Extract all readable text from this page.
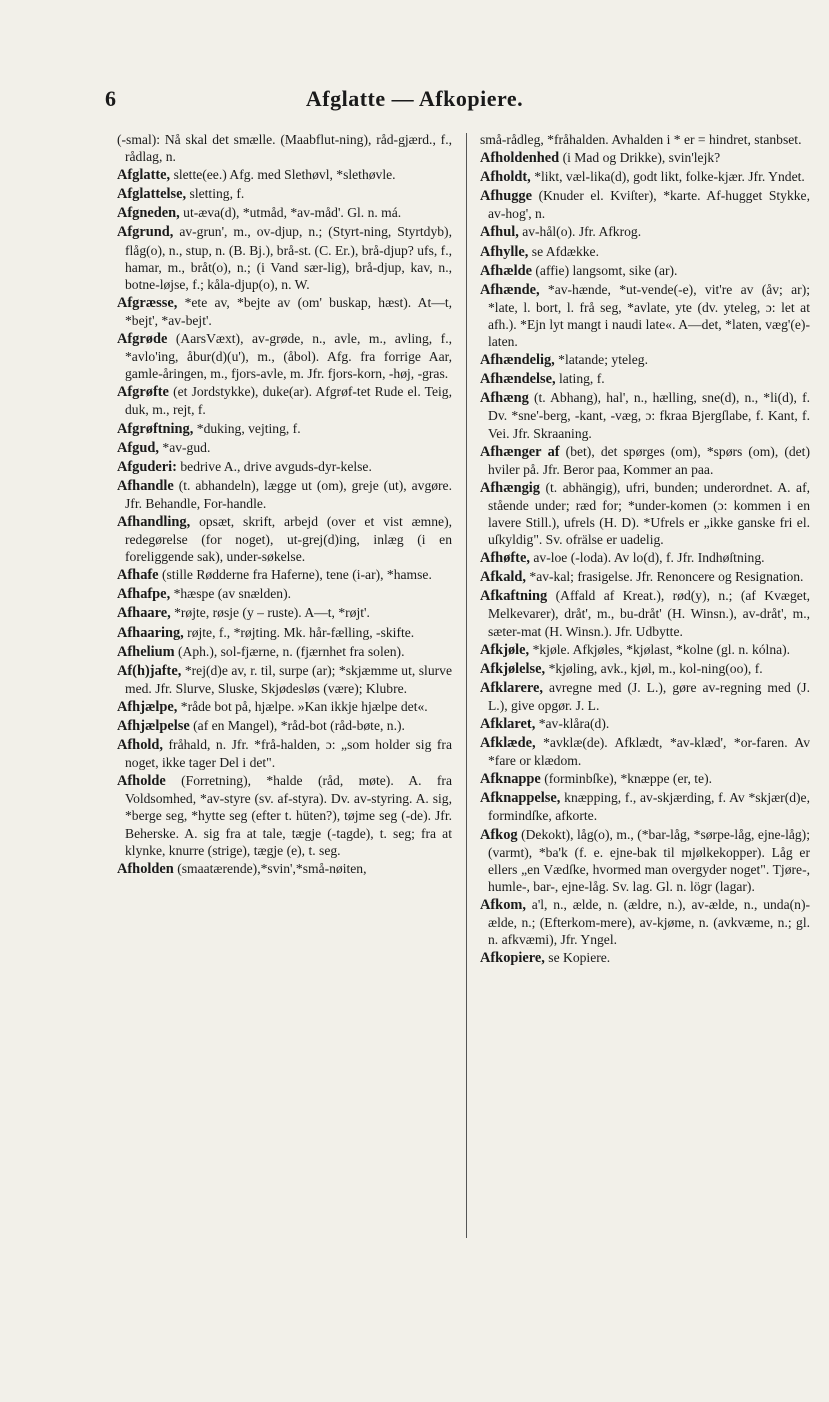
6	Afglatte — Afkopiere.

(-smal): Nå skal det smælle. (Maabflut-ning), råd-gjærd., f., rådlag, n.

Afglatte, slette(ee.) Afg. med Slethøvl, *slethøvle.

Afglattelse, sletting, f.

Afgneden, ut-æva(d), *utmåd, *av-måd'. Gl. n. má.

Afgrund, av-grun', m., ov-djup, n.; (Styrt-ning, Styrtdyb), flåg(o), n., stup, n. (B. Bj.), brå-st. (C. Er.), brå-djup? ufs, f., hamar, m., bråt(o), n.; (i Vand sær-lig), brå-djup, kav, n., botne-løjse, f.; kåla-djup(o), n. W.

Afgræsse, *ete av, *bejte av (om' buskap, hæst). At—t, *bejt', *av-bejt'.

Afgrøde (AarsVæxt), av-grøde, n., avle, m., avling, f., *avlo'ing, åbur(d)(u'), m., (åbol). Afg. fra forrige Aar, gamle-åringen, m., fjors-avle, m. Jfr. fjors-korn, -høj, -gras.

Afgrøfte (et Jordstykke), duke(ar). Afgrøf-tet Rude el. Teig, duk, m., rejt, f.

Afgrøftning, *duking, vejting, f.

Afgud, *av-gud.

Afguderi: bedrive A., drive avguds-dyr-kelse.

Afhandle (t. abhandeln), lægge ut (om), greje (ut), avgøre. Jfr. Behandle, For-handle.

Afhandling, opsæt, skrift, arbejd (over et vist æmne), redegørelse (for noget), ut-grej(d)ing, inlæg (i en foreliggende sak), under-søkelse.

Afhafe (stille Rødderne fra Haferne), tene (i-ar), *hamse.

Afhafpe, *hæspe (av snælden).

Afhaare, *røjte, røsje (y – ruste). A—t, *røjt'.

Afhaaring, røjte, f., *røjting. Mk. hår-fælling, -skifte.

Afhelium (Aph.), sol-fjærne, n. (fjærnhet fra solen).

Af(h)jafte, *rej(d)e av, r. til, surpe (ar); *skjæmme ut, slurve med. Jfr. Slurve, Sluske, Skjødesløs (være); Klubre.

Afhjælpe, *råde bot på, hjælpe. »Kan ikkje hjælpe det«.

Afhjælpelse (af en Mangel), *råd-bot (råd-bøte, n.).

Afhold, fråhald, n. Jfr. *frå-halden, ɔ: „som holder sig fra noget, ikke tager Del i det".

Afholde (Forretning), *halde (råd, møte). A. fra Voldsomhed, *av-styre (sv. af-styra). Dv. av-styring. A. sig, *berge seg, *hytte seg (efter t. hüten?), tøjme seg (-de). Jfr. Beherske. A. sig fra at tale, tægje (-tagde), t. seg; fra at klynke, knurre (strige), tægje (e), t. seg.

Afholden (smaatærende),*svin',*små-nøiten,

små-rådleg, *fråhalden. Avhalden i * er = hindret, stanbset.

Afholdenhed (i Mad og Drikke), svin'lejk?

Afholdt, *likt, væl-lika(d), godt likt, folke-kjær. Jfr. Yndet.

Afhugge (Knuder el. Kviſter), *karte. Af-hugget Stykke, av-hog', n.

Afhul, av-hål(o). Jfr. Afkrog.

Afhylle, se Afdække.

Afhælde (affie) langsomt, sike (ar).

Afhænde, *av-hænde, *ut-vende(-e), vit're av (åv; ar); *late, l. bort, l. frå seg, *avlate, yte (dv. yteleg, ɔ: let at afh.). *Ejn lyt mangt i naudi late«. A—det, *laten, væg'(e)-laten.

Afhændelig, *latande; yteleg.

Afhændelse, lating, f.

Afhæng (t. Abhang), hal', n., hælling, sne(d), n., *li(d), f. Dv. *sne'-berg, -kant, -væg, ɔ: fkraa Bjergſlabe, f. Kant, f. Vei. Jfr. Skraaning.

Afhænger af (bet), det spørges (om), *spørs (om), (det) hviler på. Jfr. Beror paa, Kommer an paa.

Afhængig (t. abhängig), ufri, bunden; underordnet. A. af, stående under; ræd for; *under-komen (ɔ: kommen i en lavere Still.), ufrels (H. D). *Ufrels er „ikke ganske fri el. uſkyldig". Sv. ofrälse er uadelig.

Afhøfte, av-loe (-loda). Av lo(d), f. Jfr. Indhøſtning.

Afkald, *av-kal; frasigelse. Jfr. Renoncere og Resignation.

Afkaftning (Affald af Kreat.), rød(y), n.; (af Kvæget, Melkevarer), dråt', m., bu-dråt' (H. Winsn.), av-dråt', m., sæter-mat (H. Winsn.). Jfr. Udbytte.

Afkjøle, *kjøle. Afkjøles, *kjølast, *kolne (gl. n. kólna).

Afkjølelse, *kjøling, avk., kjøl, m., kol-ning(oo), f.

Afklarere, avregne med (J. L.), gøre av-regning med (J. L.), give opgør. J. L.

Afklaret, *av-klåra(d).

Afklæde, *avklæ(de). Afklædt, *av-klæd', *or-faren. Av *fare or klædom.

Afknappe (forminbſke), *knæppe (er, te).

Afknappelse, knæpping, f., av-skjærding, f. Av *skjær(d)e, formindſke, afkorte.

Afkog (Dekokt), låg(o), m., (*bar-låg, *sørpe-låg, ejne-låg); (varmt), *ba'k (f. e. ejne-bak til mjølkekopper). Låg er ellers „en Vædſke, hvormed man overgyder noget". Tjøre-, humle-, bar-, ejne-låg. Sv. lag. Gl. n. lögr (lagar).

Afkom, a'l, n., ælde, n. (ældre, n.), av-ælde, n., unda(n)-ælde, n.; (Efterkom-mere), av-kjøme, n. (avkvæme, n.; gl. n. afkvæmi), Jfr. Yngel.

Afkopiere, se Kopiere.
